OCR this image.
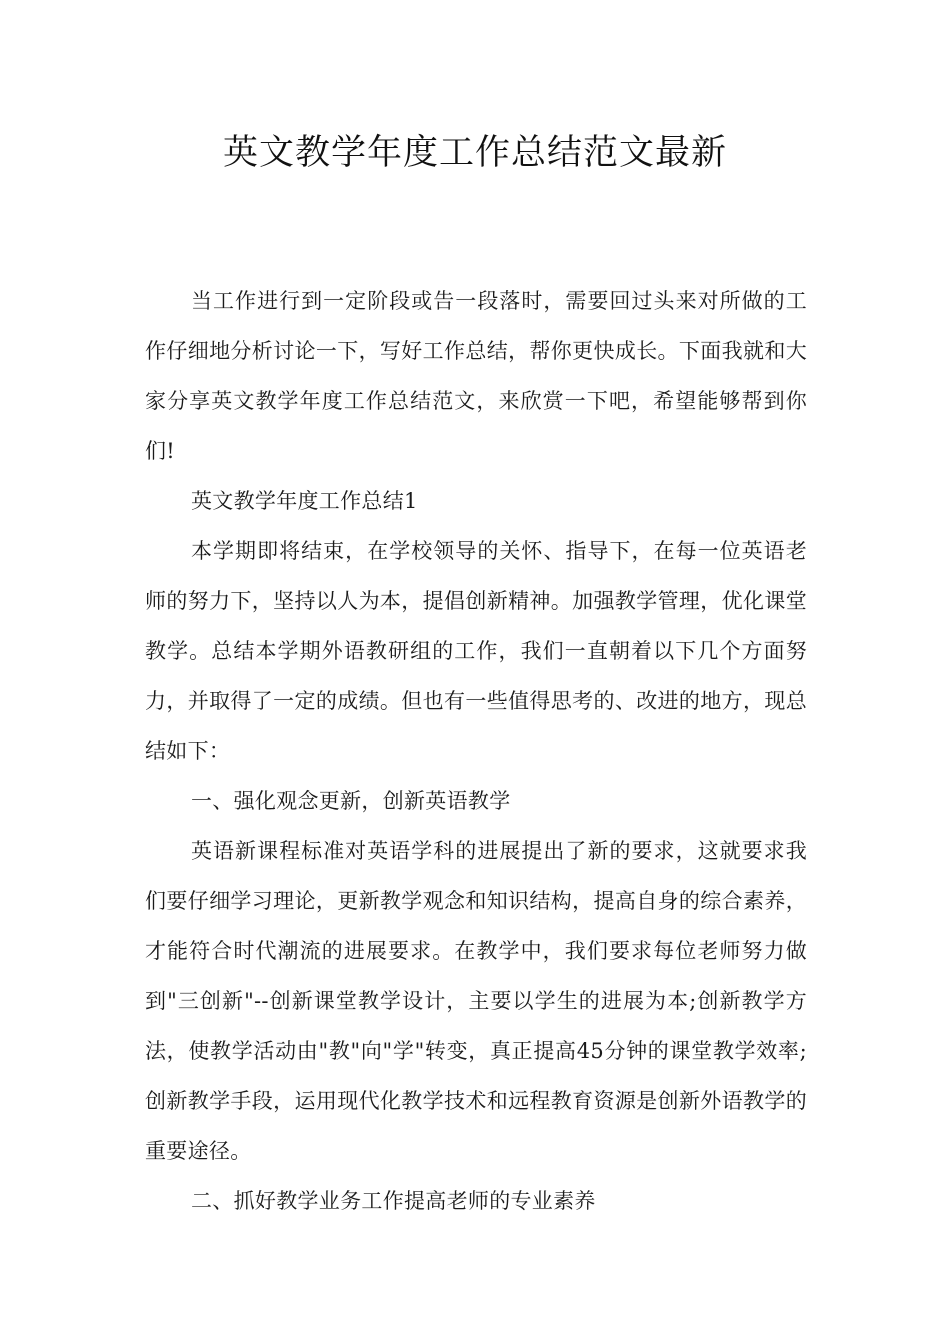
英文教学年度工作总结范文最新

当工作进行到一定阶段或告一段落时，需要回过头来对所做的工作仔细地分析讨论一下，写好工作总结，帮你更快成长。下面我就和大家分享英文教学年度工作总结范文，来欣赏一下吧，希望能够帮到你们!

英文教学年度工作总结1

本学期即将结束，在学校领导的关怀、指导下，在每一位英语老师的努力下，坚持以人为本，提倡创新精神。加强教学管理，优化课堂教学。总结本学期外语教研组的工作，我们一直朝着以下几个方面努力，并取得了一定的成绩。但也有一些值得思考的、改进的地方，现总结如下：

一、强化观念更新，创新英语教学

英语新课程标准对英语学科的进展提出了新的要求，这就要求我们要仔细学习理论，更新教学观念和知识结构，提高自身的综合素养，才能符合时代潮流的进展要求。在教学中，我们要求每位老师努力做到"三创新"--创新课堂教学设计，主要以学生的进展为本;创新教学方法，使教学活动由"教"向"学"转变，真正提高45分钟的课堂教学效率;创新教学手段，运用现代化教学技术和远程教育资源是创新外语教学的重要途径。

二、抓好教学业务工作提高老师的专业素养
